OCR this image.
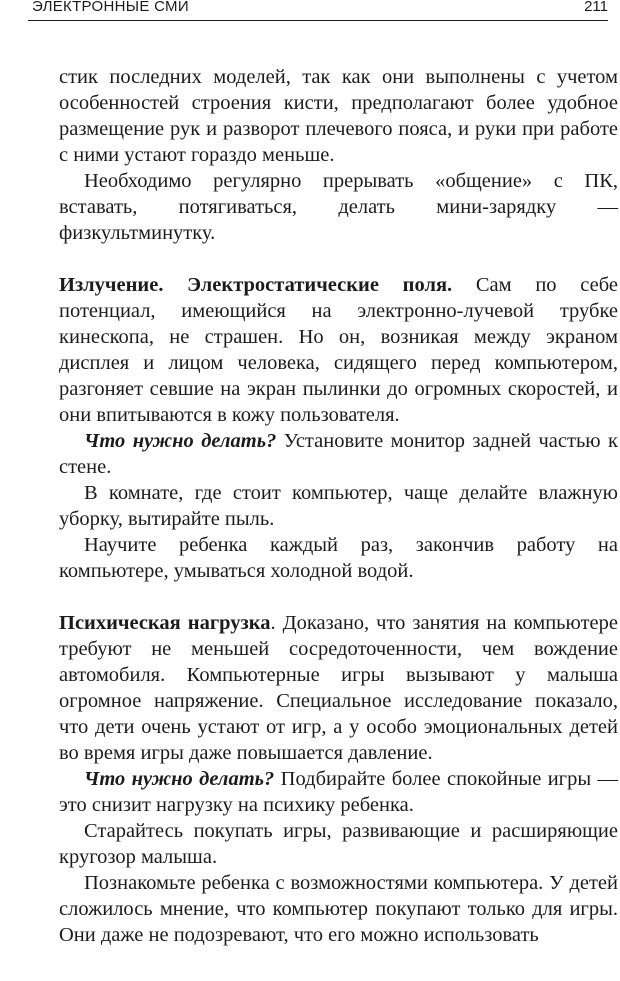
ЭЛЕКТРОННЫЕ СМИ	211

стик последних моделей, так как они выполнены с учетом особенностей строения кисти, предполагают более удобное размещение рук и разворот плечевого пояса, и руки при работе с ними устают гораздо меньше.

Необходимо регулярно прерывать «общение» с ПК, вставать, потягиваться, делать мини-зарядку — физкультминутку.

Излучение. Электростатические поля. Сам по себе потенциал, имеющийся на электронно-лучевой трубке кинескопа, не страшен. Но он, возникая между экраном дисплея и лицом человека, сидящего перед компьютером, разгоняет севшие на экран пылинки до огромных скоростей, и они впитываются в кожу пользователя.

Что нужно делать? Установите монитор задней частью к стене.

В комнате, где стоит компьютер, чаще делайте влажную уборку, вытирайте пыль.

Научите ребенка каждый раз, закончив работу на компьютере, умываться холодной водой.

Психическая нагрузка. Доказано, что занятия на компьютере требуют не меньшей сосредоточенности, чем вождение автомобиля. Компьютерные игры вызывают у малыша огромное напряжение. Специальное исследование показало, что дети очень устают от игр, а у особо эмоциональных детей во время игры даже повышается давление.

Что нужно делать? Подбирайте более спокойные игры — это снизит нагрузку на психику ребенка.

Старайтесь покупать игры, развивающие и расширяющие кругозор малыша.

Познакомьте ребенка с возможностями компьютера. У детей сложилось мнение, что компьютер покупают только для игры. Они даже не подозревают, что его можно использовать
